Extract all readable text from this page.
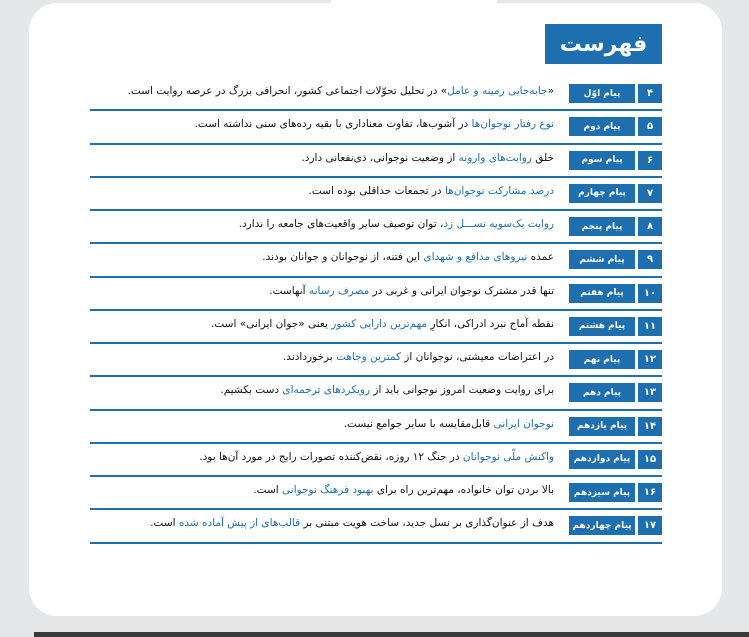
فهرست
۴
پیام اوّل
«جابه‌جایی زمینه و عامل» در تحلیل تحوّلات اجتماعی کشور، انحرافی بزرگ در عرصه روایت است.
۵
پیام دوم
نوع رفتار نوجوان‌ها در آشوب‌ها، تفاوت معناداری با بقیه رده‌های سنی نداشته است.
۶
پیام سوم
خلق روایت‌های وارونه از وضعیت نوجوانی، ذی‌نفعانی دارد.
۷
پیام چهارم
درصد مشارکت نوجوان‌ها در تجمعات حداقلی بوده است.
۸
پیام پنجم
روایت یک‌سویه نســـل زد، توان توصیف سایر واقعیت‌های جامعه را ندارد.
۹
پیام ششم
عمده نیروهای مدافع و شهدای این فتنه، از نوجوانان و جوانان بودند.
۱۰
پیام هفتم
تنها قدر مشترک نوجوان ایرانی و غربی در مصرف رسانه آنهاست.
۱۱
پیام هشتم
نقطه آماج نبرد ادراکی، انکارِ مهم‌ترین دارایی کشور یعنی «جوان ایرانی» است.
۱۲
پیام نهم
در اعتراضات معیشتی، نوجوانان از کمترین وجاهت برخوردادند.
۱۳
پیام دهم
برای روایت وضعیت امروز نوجوانی باید از رویکردهای ترجمه‌ای دست بکشیم.
۱۴
پیام یازدهم
نوجوان ایرانی قابل‌مقایسه با سایر جوامع نیست.
۱۵
پیام دوازدهم
واکنش ملّی نوجوانان در جنگ ۱۲ روزه، نقض‌کننده تصورات رایج در مورد آن‌ها بود.
۱۶
پیام سیزدهم
بالا بردن توان خانواده، مهم‌ترین راه برای بهبود فرهنگ نوجوانی است.
۱۷
پیام چهاردهم
هدف از عنوان‌گذاری بر نسل جدید، ساخت هویت مبتنی بر قالب‌های از پیش آماده شده است.
